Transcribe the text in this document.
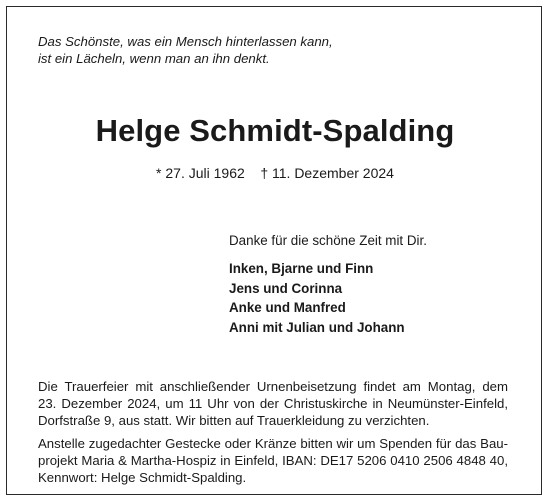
Das Schönste, was ein Mensch hinterlassen kann,
ist ein Lächeln, wenn man an ihn denkt.
Helge Schmidt-Spalding
* 27. Juli 1962    † 11. Dezember 2024
Danke für die schöne Zeit mit Dir.
Inken, Bjarne und Finn
Jens und Corinna
Anke und Manfred
Anni mit Julian und Johann
Die Trauerfeier mit anschließender Urnenbeisetzung findet am Montag, dem
23. Dezember 2024, um 11 Uhr von der Christuskirche in Neumünster-Einfeld,
Dorfstraße 9, aus statt. Wir bitten auf Trauerkleidung zu verzichten.
Anstelle zugedachter Gestecke oder Kränze bitten wir um Spenden für das Bau-
projekt Maria & Martha-Hospiz in Einfeld, IBAN: DE17 5206 0410 2506 4848 40,
Kennwort: Helge Schmidt-Spalding.
